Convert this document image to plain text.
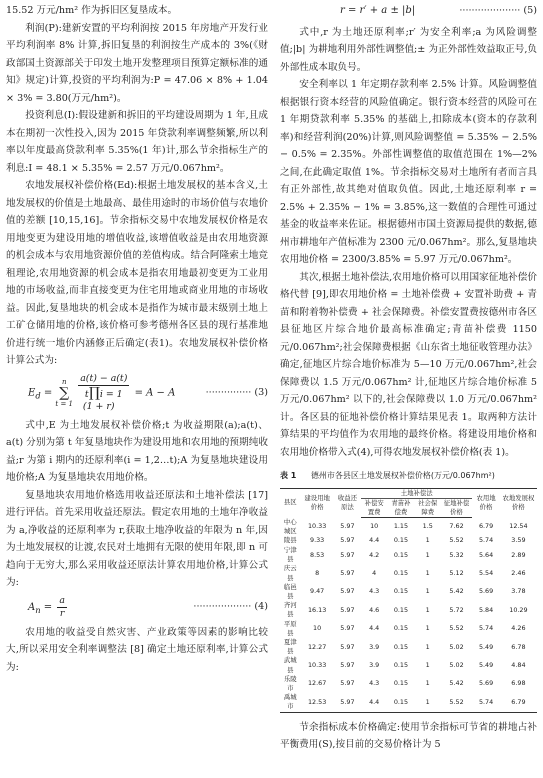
15.52 万元/hm² 作为拆旧区复垦成本。

利润(P):建新安置的平均利润按 2015 年房地产开发行业平均利润率 8% 计算,拆旧复垦的利润按生产成本的 3%(《财政部国土资源部关于印发土地开发整理项目预算定额标准的通知》规定)计算,投资的平均利润为:P = 47.06 × 8% + 1.04 × 3% = 3.80(万元/hm²)。

投资利息(I):假设建新和拆旧的平均建设周期为 1 年,且成本在期初一次性投入,因为 2015 年贷款利率调整频繁,所以利率以年度最高贷款利率 5.35%(1 年)计,那么节余指标生产的利息:I = 48.1 × 5.35% = 2.57 万元/0.067hm²。

农地发展权补偿价格(Ed):根据土地发展权的基本含义,土地发展权的价值是土地最高、最佳用途时的市场价值与农地价值的差额 [10,15,16]。节余指标交易中农地发展权价格是农用地变更为建设用地的增值收益,该增值收益是由农用地资源的机会成本与农用地资源价值的差值构成。结合阿隆索土地竞租理论,农用地资源的机会成本是指农用地最初变更为工业用地的市场收益,而非直接变更为住宅用地或商业用地的市场收益。因此,复垦地块的机会成本是指作为城市最末级别土地上工矿仓储用地的价格,该价格可参考德州各区县的现行基准地价进行统一地价内涵修正后确定(表1)。农地发展权补偿价格计算公式为:

$E_d$ =
n
∑
t = 1
a(t) − a(t)
t∏i = 1
(1 + r) = A − A	··············· (3)

式中,E 为土地发展权补偿价格;t 为收益期限(a);a(t)、a(t) 分别为第 t 年复垦地块作为建设用地和农用地的预期纯收益;r 为第 i 期内的还原利率(i = 1,2…t);A 为复垦地块建设用地价格;A 为复垦地块农用地价格。

复垦地块农用地价格选用收益还原法和土地补偿法 [17] 进行评估。首先采用收益还原法。假定农用地的土地年净收益为 a,净收益的还原利率为 r,获取土地净收益的年限为 n 年,因为土地发展权的让渡,农民对土地拥有无限的使用年限,即 n 可趋向于无穷大,那么采用收益还原法计算农用地价格,计算公式为:

$A_n = \frac{a}{r}$	··················· (4)

农用地的收益受自然灾害、产业政策等因素的影响比较大,所以采用安全利率调整法 [8] 确定土地还原利率,计算公式为:

r = r′ + a ± |b|	···················· (5)

式中,r 为土地还原利率;r′ 为安全利率;a 为风险调整值;|b| 为耕地利用外部性调整值;± 为正外部性效益取正号,负外部性成本取负号。

安全利率以 1 年定期存款利率 2.5% 计算。风险调整值根据银行资本经营的风险值确定。银行资本经营的风险可在 1 年期贷款利率 5.35% 的基础上,扣除成本(资本的存款利率)和经营利润(20%)计算,则风险调整值 = 5.35% − 2.5% − 0.5% = 2.35%。外部性调整值的取值范围在 1%—2% 之间,在此确定取值 1%。节余指标交易对土地所有者而言具有正外部性,故其绝对值取负值。因此,土地还原利率 r = 2.5% + 2.35% − 1% = 3.85%,这一数值的合理性可通过基金的收益率来佐证。根据德州市国土资源局提供的数据,德州市耕地年产值标准为 2300 元/0.067hm²。那么,复垦地块农用地价格 = 2300/3.85% = 5.97 万元/0.067hm²。

其次,根据土地补偿法,农用地价格可以用国家征地补偿价格代替 [9],即农用地价格 = 土地补偿费 + 安置补助费 + 青苗和附着物补偿费 + 社会保障费。补偿安置费按德州市各区县征地区片综合地价最高标准确定;青苗补偿费 1150 元/0.067hm²;社会保障费根据《山东省土地征收管理办法》确定,征地区片综合地价标准为 5—10 万元/0.067hm²,社会保障费以 1.5 万元/0.067hm² 计,征地区片综合地价标准 5 万元/0.067hm² 以下的,社会保障费以 1.0 万元/0.067hm² 计。各区县的征地补偿价格计算结果见表 1。取两种方法计算结果的平均值作为农用地的最终价格。将建设用地价格和农用地价格带入式(4),可得农地发展权补偿价格(表 1)。

表 1 德州市各县区土地发展权补偿价格(万元/0.067hm²)
县区	建设用地价格	收益还原法	土地补偿法				农用地价格	农地发展权价格
			补偿安置费	青苗补偿费	社会保障费	征地补偿价格		
中心城区	10.33	5.97	10	1.15	1.5	7.62	6.79	12.54
陵县	9.33	5.97	4.4	0.15	1	5.52	5.74	3.59
宁津县	8.53	5.97	4.2	0.15	1	5.32	5.64	2.89
庆云县	8	5.97	4	0.15	1	5.12	5.54	2.46
临邑县	9.47	5.97	4.3	0.15	1	5.42	5.69	3.78
齐河县	16.13	5.97	4.6	0.15	1	5.72	5.84	10.29
平原县	10	5.97	4.4	0.15	1	5.52	5.74	4.26
夏津县	12.27	5.97	3.9	0.15	1	5.02	5.49	6.78
武城县	10.33	5.97	3.9	0.15	1	5.02	5.49	4.84
乐陵市	12.67	5.97	4.3	0.15	1	5.42	5.69	6.98
禹城市	12.53	5.97	4.4	0.15	1	5.52	5.74	6.79

节余指标成本价格确定:使用节余指标可节省的耕地占补平衡费用(S),按目前的交易价格计为 5
